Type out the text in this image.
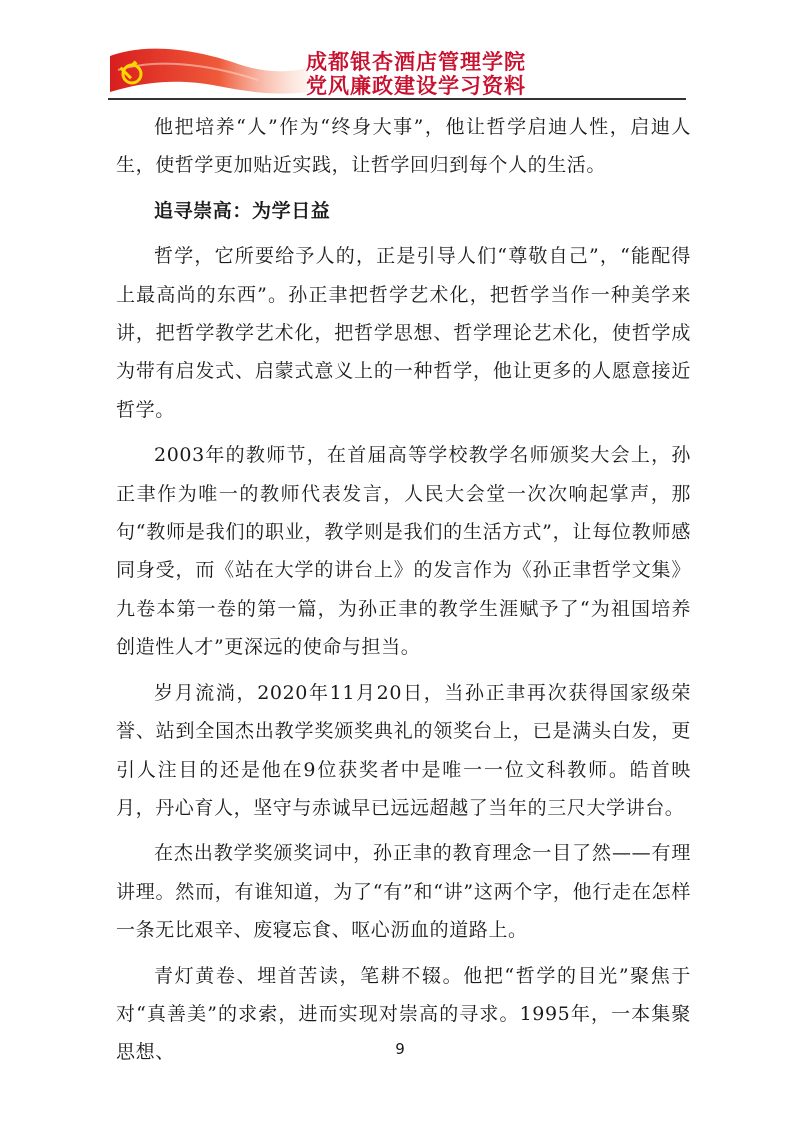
成都银杏酒店管理学院
党风廉政建设学习资料

他把培养“人”作为“终身大事”，他让哲学启迪人性，启迪人生，使哲学更加贴近实践，让哲学回归到每个人的生活。

追寻崇高：为学日益

哲学，它所要给予人的，正是引导人们“尊敬自己”，“能配得上最高尚的东西”。孙正聿把哲学艺术化，把哲学当作一种美学来讲，把哲学教学艺术化，把哲学思想、哲学理论艺术化，使哲学成为带有启发式、启蒙式意义上的一种哲学，他让更多的人愿意接近哲学。

2003年的教师节，在首届高等学校教学名师颁奖大会上，孙正聿作为唯一的教师代表发言，人民大会堂一次次响起掌声，那句“教师是我们的职业，教学则是我们的生活方式”，让每位教师感同身受，而《站在大学的讲台上》的发言作为《孙正聿哲学文集》九卷本第一卷的第一篇，为孙正聿的教学生涯赋予了“为祖国培养创造性人才”更深远的使命与担当。

岁月流淌，2020年11月20日，当孙正聿再次获得国家级荣誉、站到全国杰出教学奖颁奖典礼的领奖台上，已是满头白发，更引人注目的还是他在9位获奖者中是唯一一位文科教师。皓首映月，丹心育人，坚守与赤诚早已远远超越了当年的三尺大学讲台。

在杰出教学奖颁奖词中，孙正聿的教育理念一目了然——有理讲理。然而，有谁知道，为了“有”和“讲”这两个字，他行走在怎样一条无比艰辛、废寝忘食、呕心沥血的道路上。

青灯黄卷、埋首苦读，笔耕不辍。他把“哲学的目光”聚焦于对“真善美”的求索，进而实现对崇高的寻求。1995年，一本集聚思想、	9
